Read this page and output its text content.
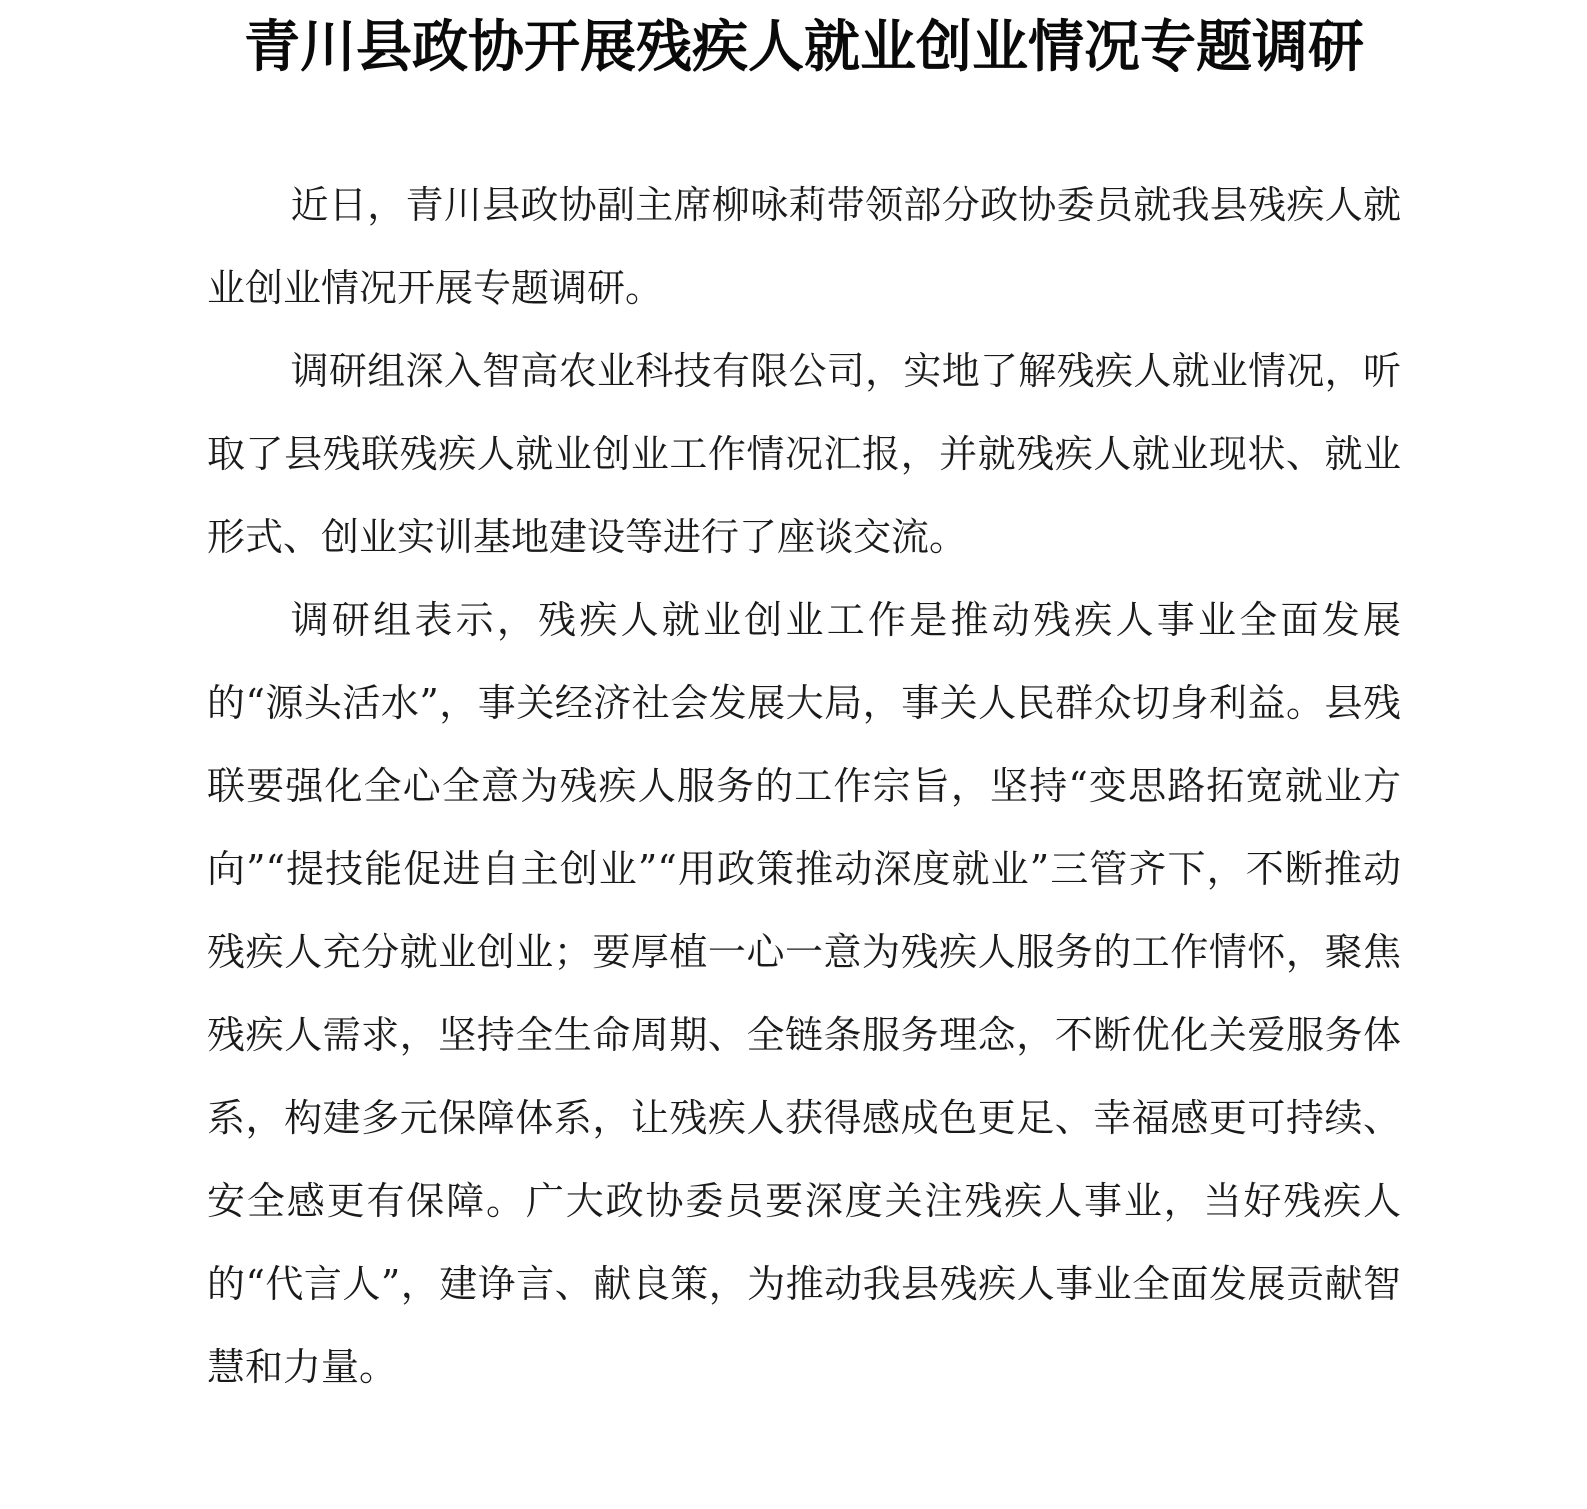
青川县政协开展残疾人就业创业情况专题调研

近日，青川县政协副主席柳咏莉带领部分政协委员就我县残疾人就业创业情况开展专题调研。

调研组深入智高农业科技有限公司，实地了解残疾人就业情况，听取了县残联残疾人就业创业工作情况汇报，并就残疾人就业现状、就业形式、创业实训基地建设等进行了座谈交流。

调研组表示，残疾人就业创业工作是推动残疾人事业全面发展的“源头活水”，事关经济社会发展大局，事关人民群众切身利益。县残联要强化全心全意为残疾人服务的工作宗旨，坚持“变思路拓宽就业方向”“提技能促进自主创业”“用政策推动深度就业”三管齐下，不断推动残疾人充分就业创业；要厚植一心一意为残疾人服务的工作情怀，聚焦残疾人需求，坚持全生命周期、全链条服务理念，不断优化关爱服务体系，构建多元保障体系，让残疾人获得感成色更足、幸福感更可持续、安全感更有保障。广大政协委员要深度关注残疾人事业，当好残疾人的“代言人”，建诤言、献良策，为推动我县残疾人事业全面发展贡献智慧和力量。
